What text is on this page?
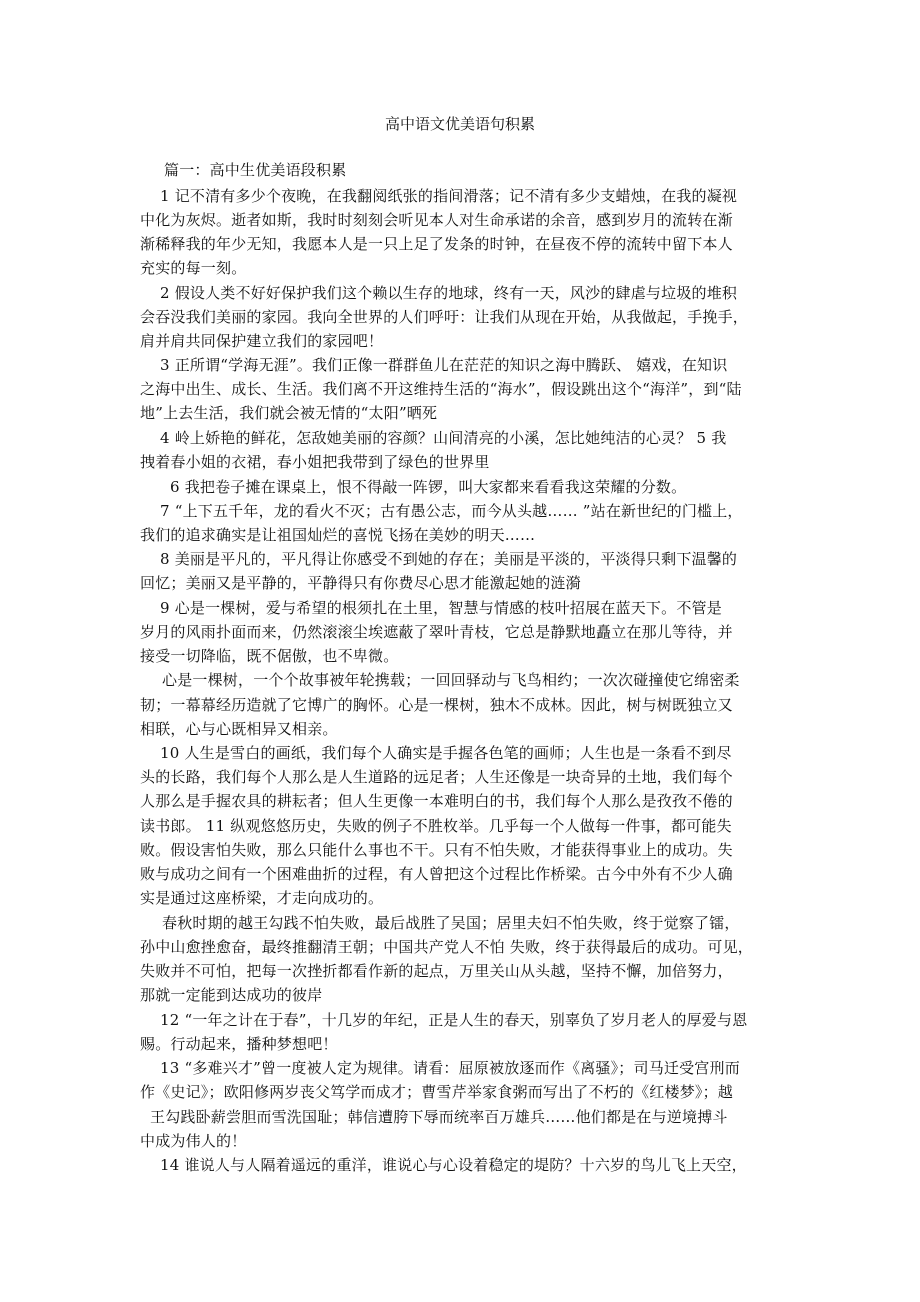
高中语文优美语句积累
篇一：高中生优美语段积累
1 记不清有多少个夜晚，在我翻阅纸张的指间滑落；记不清有多少支蜡烛，在我的凝视
中化为灰烬。逝者如斯，我时时刻刻会听见本人对生命承诺的余音，感到岁月的流转在渐
渐稀释我的年少无知，我愿本人是一只上足了发条的时钟，在昼夜不停的流转中留下本人
充实的每一刻。
2 假设人类不好好保护我们这个赖以生存的地球，终有一天，风沙的肆虐与垃圾的堆积
会吞没我们美丽的家园。我向全世界的人们呼吁：让我们从现在开始，从我做起，手挽手，
肩并肩共同保护建立我们的家园吧！
3 正所谓“学海无涯”。我们正像一群群鱼儿在茫茫的知识之海中腾跃、 嬉戏，在知识
之海中出生、成长、生活。我们离不开这维持生活的“海水”，假设跳出这个“海洋”，到“陆
地”上去生活，我们就会被无情的“太阳”晒死
4 岭上娇艳的鲜花，怎敌她美丽的容颜？山间清亮的小溪，怎比她纯洁的心灵？ 5 我
拽着春小姐的衣裙，春小姐把我带到了绿色的世界里
6 我把卷子摊在课桌上，恨不得敲一阵锣，叫大家都来看看我这荣耀的分数。
7 “上下五千年，龙的看火不灭；古有愚公志，而今从头越…… ”站在新世纪的门槛上，
我们的追求确实是让祖国灿烂的喜悦飞扬在美妙的明天……
8 美丽是平凡的，平凡得让你感受不到她的存在；美丽是平淡的，平淡得只剩下温馨的
回忆；美丽又是平静的，平静得只有你费尽心思才能激起她的涟漪
9 心是一棵树，爱与希望的根须扎在土里，智慧与情感的枝叶招展在蓝天下。不管是
岁月的风雨扑面而来，仍然滚滚尘埃遮蔽了翠叶青枝，它总是静默地矗立在那儿等待，并
接受一切降临，既不倨傲，也不卑微。
心是一棵树，一个个故事被年轮携载；一回回驿动与飞鸟相约；一次次碰撞使它绵密柔
韧；一幕幕经历造就了它博广的胸怀。心是一棵树，独木不成林。因此，树与树既独立又
相联，心与心既相异又相亲。
10 人生是雪白的画纸，我们每个人确实是手握各色笔的画师；人生也是一条看不到尽
头的长路，我们每个人那么是人生道路的远足者；人生还像是一块奇异的土地，我们每个
人那么是手握农具的耕耘者；但人生更像一本难明白的书，我们每个人那么是孜孜不倦的
读书郎。 11 纵观悠悠历史，失败的例子不胜枚举。几乎每一个人做每一件事，都可能失
败。假设害怕失败，那么只能什么事也不干。只有不怕失败，才能获得事业上的成功。失
败与成功之间有一个困难曲折的过程，有人曾把这个过程比作桥梁。古今中外有不少人确
实是通过这座桥梁，才走向成功的。
春秋时期的越王勾践不怕失败，最后战胜了吴国；居里夫妇不怕失败，终于觉察了镭，
孙中山愈挫愈奋，最终推翻清王朝；中国共产党人不怕 失败，终于获得最后的成功。可见，
失败并不可怕，把每一次挫折都看作新的起点，万里关山从头越，坚持不懈，加倍努力，
那就一定能到达成功的彼岸
12 “一年之计在于春”，十几岁的年纪，正是人生的春天，别辜负了岁月老人的厚爱与恩
赐。行动起来，播种梦想吧！
13 “多难兴才”曾一度被人定为规律。请看：屈原被放逐而作《离骚》；司马迁受宫刑而
作《史记》；欧阳修两岁丧父笃学而成才；曹雪芹举家食粥而写出了不朽的《红楼梦》；越
王勾践卧薪尝胆而雪洗国耻；韩信遭胯下辱而统率百万雄兵……他们都是在与逆境搏斗
中成为伟人的！
14 谁说人与人隔着遥远的重洋，谁说心与心设着稳定的堤防？十六岁的鸟儿飞上天空，
